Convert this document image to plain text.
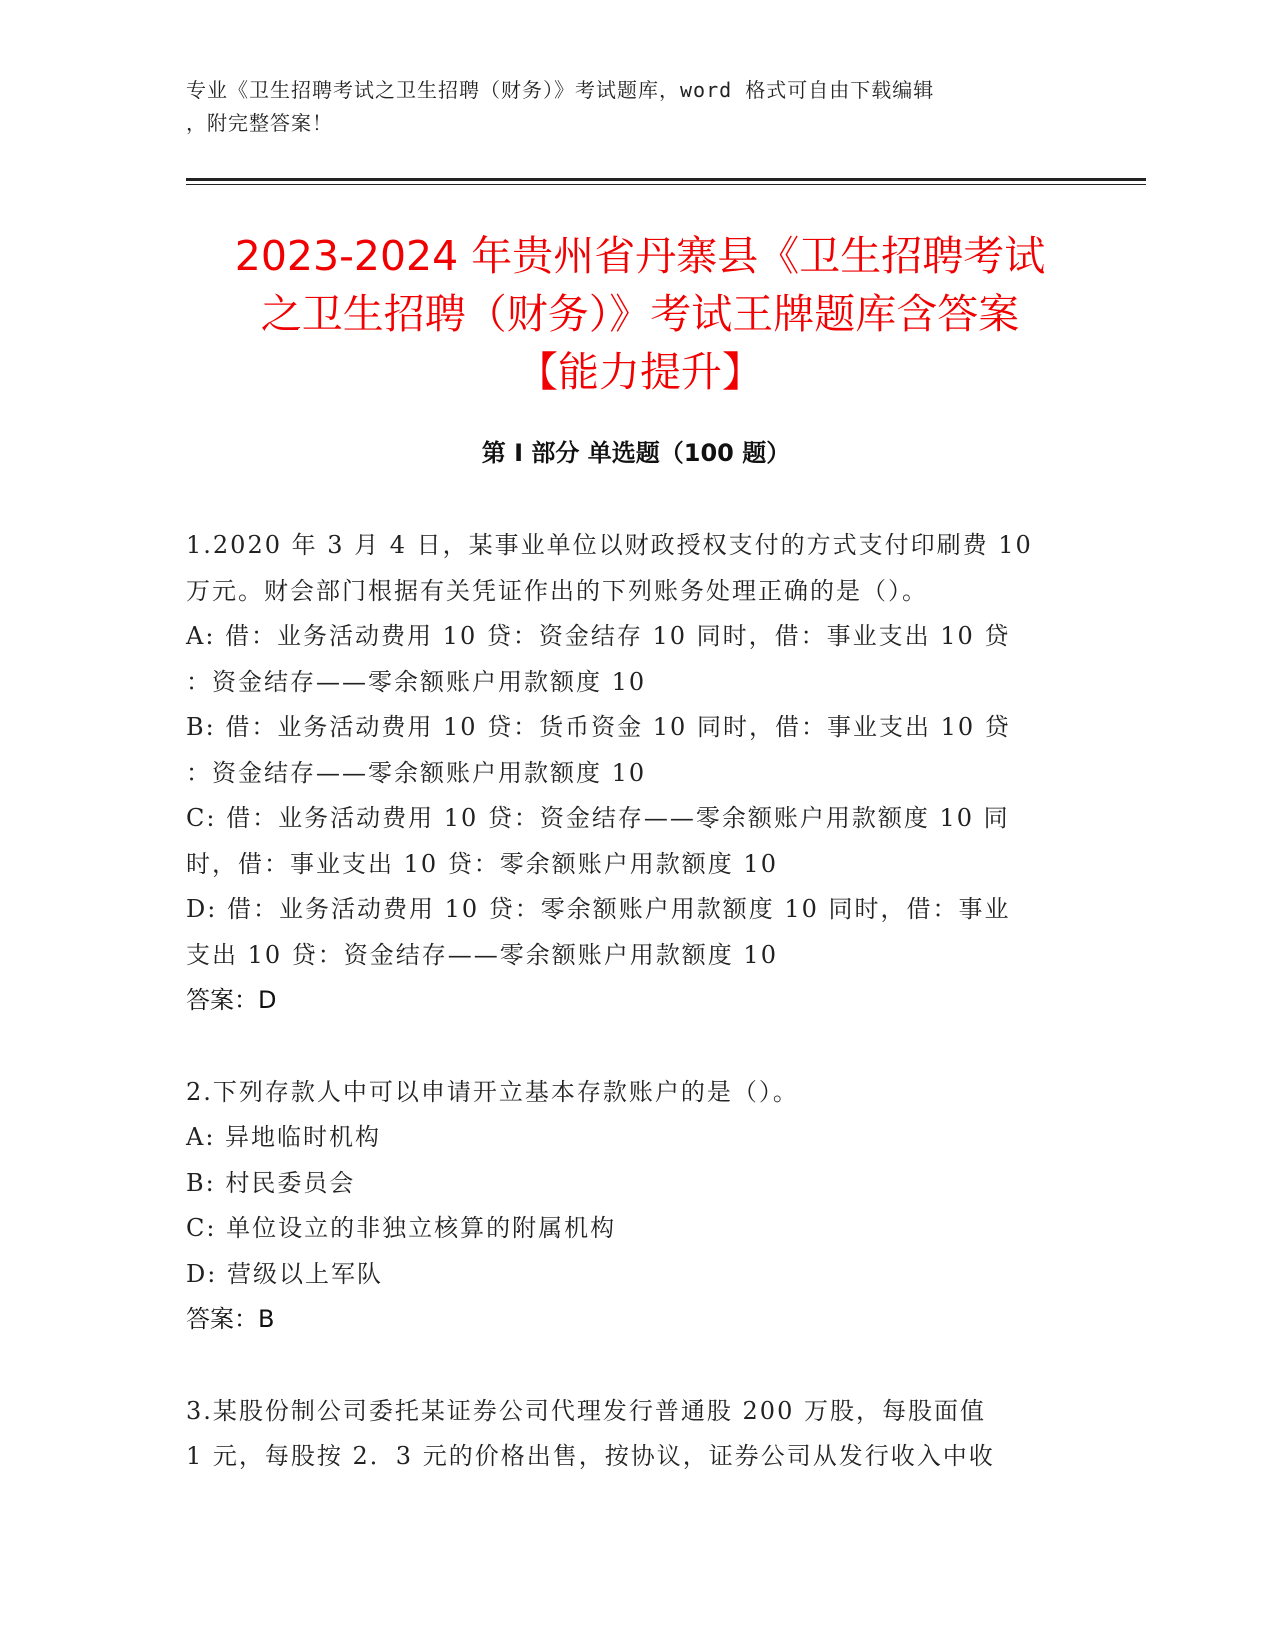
专业《卫生招聘考试之卫生招聘（财务）》考试题库，word 格式可自由下载编辑
，附完整答案！
2023-2024 年贵州省丹寨县《卫生招聘考试
之卫生招聘（财务）》考试王牌题库含答案
【能力提升】
第 I 部分 单选题（100 题）

1.2020 年 3 月 4 日，某事业单位以财政授权支付的方式支付印刷费 10

万元。财会部门根据有关凭证作出的下列账务处理正确的是（）。

A: 借：业务活动费用 10 贷：资金结存 10 同时，借：事业支出 10 贷

：资金结存——零余额账户用款额度 10

B: 借：业务活动费用 10 贷：货币资金 10 同时，借：事业支出 10 贷

：资金结存——零余额账户用款额度 10

C: 借：业务活动费用 10 贷：资金结存——零余额账户用款额度 10 同

时，借：事业支出 10 贷：零余额账户用款额度 10

D: 借：业务活动费用 10 贷：零余额账户用款额度 10 同时，借：事业

支出 10 贷：资金结存——零余额账户用款额度 10

答案：D

2.下列存款人中可以申请开立基本存款账户的是（）。

A: 异地临时机构

B: 村民委员会

C: 单位设立的非独立核算的附属机构

D: 营级以上军队

答案：B

3.某股份制公司委托某证券公司代理发行普通股 200 万股，每股面值

1 元，每股按 2．3 元的价格出售，按协议，证券公司从发行收入中收
